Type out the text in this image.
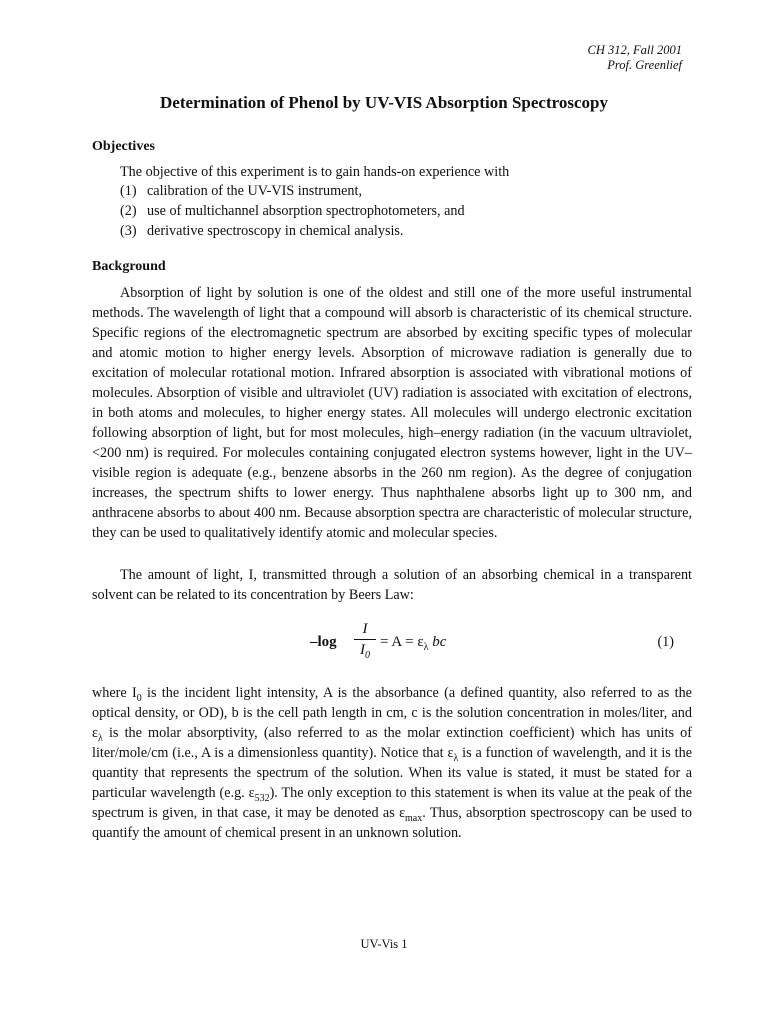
CH 312, Fall 2001
Prof. Greenlief
Determination of Phenol by UV-VIS Absorption Spectroscopy
Objectives
The objective of this experiment is to gain hands-on experience with
(1) calibration of the UV-VIS instrument,
(2) use of multichannel absorption spectrophotometers, and
(3) derivative spectroscopy in chemical analysis.
Background

Absorption of light by solution is one of the oldest and still one of the more useful instrumental methods. The wavelength of light that a compound will absorb is characteristic of its chemical structure. Specific regions of the electromagnetic spectrum are absorbed by exciting specific types of molecular and atomic motion to higher energy levels. Absorption of microwave radiation is generally due to excitation of molecular rotational motion. Infrared absorption is associated with vibrational motions of molecules. Absorption of visible and ultraviolet (UV) radiation is associated with excitation of electrons, in both atoms and molecules, to higher energy states. All molecules will undergo electronic excitation following absorption of light, but for most molecules, high–energy radiation (in the vacuum ultraviolet, <200 nm) is required. For molecules containing conjugated electron systems however, light in the UV–visible region is adequate (e.g., benzene absorbs in the 260 nm region). As the degree of conjugation increases, the spectrum shifts to lower energy. Thus naphthalene absorbs light up to 300 nm, and anthracene absorbs to about 400 nm. Because absorption spectra are characteristic of molecular structure, they can be used to qualitatively identify atomic and molecular species.

The amount of light, I, transmitted through a solution of an absorbing chemical in a transparent solvent can be related to its concentration by Beers Law:

–log
I
$I_0$
= $A = \varepsilon_\lambda$ bc	(1)

where $I_0$ is the incident light intensity, A is the absorbance (a defined quantity, also referred to as the optical density, or OD), b is the cell path length in cm, c is the solution concentration in moles/liter, and $\varepsilon_\lambda$ is the molar absorptivity, (also referred to as the molar extinction coefficient) which has units of liter/mole/cm (i.e., A is a dimensionless quantity). Notice that $\varepsilon_\lambda$ is a function of wavelength, and it is the quantity that represents the spectrum of the solution. When its value is stated, it must be stated for a particular wavelength (e.g. $\varepsilon_{532}$). The only exception to this statement is when its value at the peak of the spectrum is given, in that case, it may be denoted as $\varepsilon_{max}$. Thus, absorption spectroscopy can be used to quantify the amount of chemical present in an unknown solution.

UV-Vis 1
